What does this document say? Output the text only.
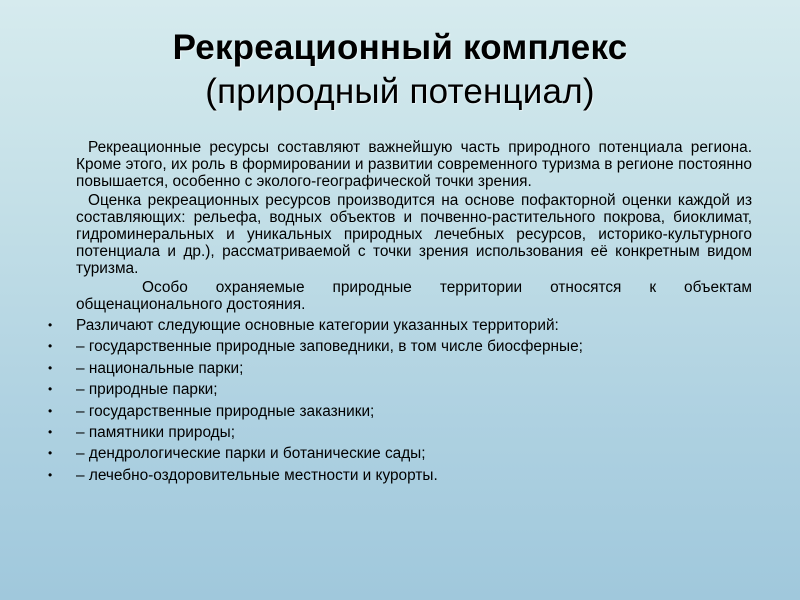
Рекреационный комплекс
(природный потенциал)

Рекреационные ресурсы составляют важнейшую часть природного потенциала региона. Кроме этого, их роль в формировании и развитии современного туризма в регионе постоянно повышается, особенно с эколого-географической точки зрения.

Оценка рекреационных ресурсов производится на основе пофакторной оценки каждой из составляющих: рельефа, водных объектов и почвенно-растительного покрова, биоклимат, гидроминеральных и уникальных природных лечебных ресурсов, историко-культурного потенциала и др.), рассматриваемой с точки зрения использования её конкретным видом туризма.

Особо охраняемые природные территории относятся к объектам общенационального достояния.

•	Различают следующие основные категории указанных территорий:
•	– государственные природные заповедники, в том числе биосферные;
•	– национальные парки;
•	– природные парки;
•	– государственные природные заказники;
•	– памятники природы;
•	– дендрологические парки и ботанические сады;
•	– лечебно-оздоровительные местности и курорты.
